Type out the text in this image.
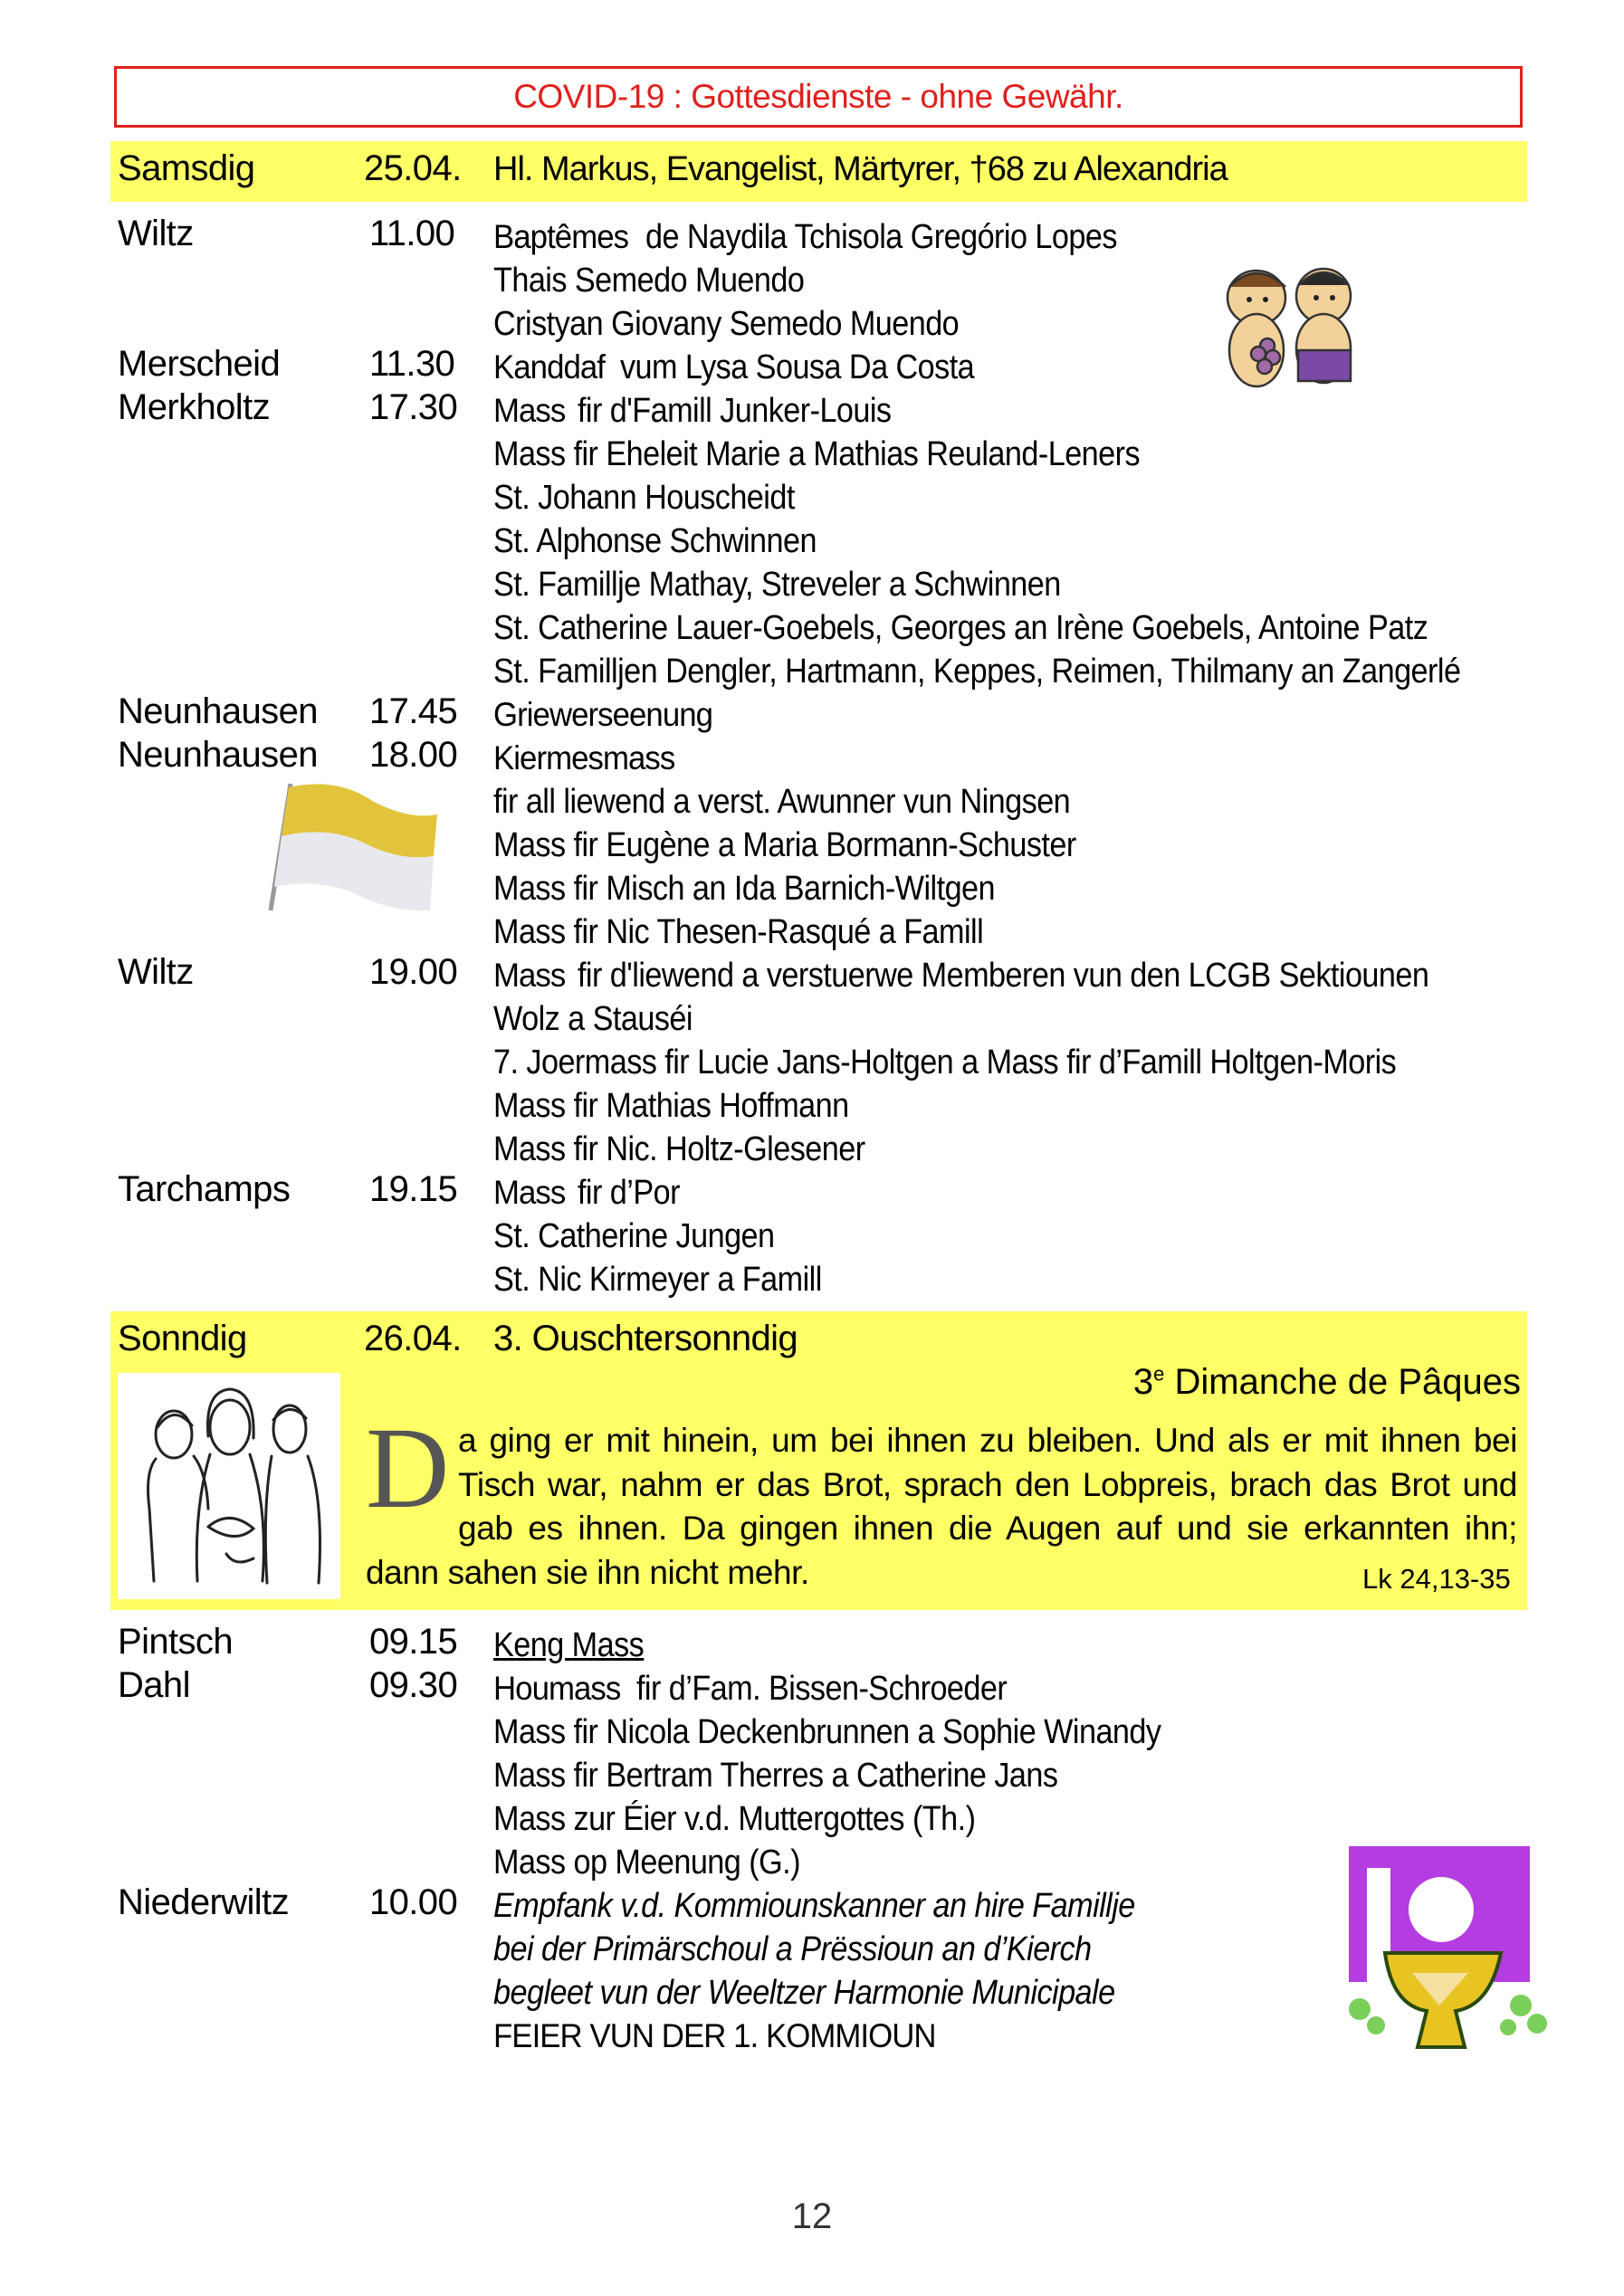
COVID-19 : Gottesdienste - ohne Gewähr.
Samsdig	25.04. Hl. Markus, Evangelist, Märtyrer, †68 zu Alexandria
Wiltz	11.00 Baptêmes de Naydila Tchisola Gregório Lopes
Thais Semedo Muendo
Cristyan Giovany Semedo Muendo
Merscheid 11.30 Kanddaf vum Lysa Sousa Da Costa
Merkholtz	17.30 Mass fir d'Famill Junker-Louis
Mass fir Eheleit Marie a Mathias Reuland-Leners
St. Johann Houscheidt
St. Alphonse Schwinnen
St. Famillje Mathay, Streveler a Schwinnen
St. Catherine Lauer-Goebels, Georges an Irène Goebels, Antoine Patz
St. Familljen Dengler, Hartmann, Keppes, Reimen, Thilmany an Zangerlé
Neunhausen 17.45 Griewerseenung
Neunhausen 18.00 Kiermesmass
fir all liewend a verst. Awunner vun Ningsen
Mass fir Eugène a Maria Bormann-Schuster
Mass fir Misch an Ida Barnich-Wiltgen
Mass fir Nic Thesen-Rasqué a Famill
Wiltz	19.00 Mass fir d'liewend a verstuerwe Memberen vun den LCGB Sektiounen
Wolz a Stauséi
7. Joermass fir Lucie Jans-Holtgen a Mass fir d’Famill Holtgen-Moris
Mass fir Mathias Hoffmann
Mass fir Nic. Holtz-Glesener
Tarchamps 19.15 Mass fir d’Por
St. Catherine Jungen
St. Nic Kirmeyer a Famill
Sonndig	26.04. 3. Ouschtersonndig
3e Dimanche de Pâques
Da ging er mit hinein, um bei ihnen zu bleiben. Und als er mit ihnen bei Tisch war, nahm er das Brot, sprach den Lobpreis, brach das Brot und gab es ihnen. Da gingen ihnen die Augen auf und sie erkannten ihn; dann sahen sie ihn nicht mehr.	Lk 24,13-35
Pintsch	09.15 Keng Mass
Dahl	09.30 Houmass fir d’Fam. Bissen-Schroeder
Mass fir Nicola Deckenbrunnen a Sophie Winandy
Mass fir Bertram Therres a Catherine Jans
Mass zur Éier v.d. Muttergottes (Th.)
Mass op Meenung (G.)
Niederwiltz 10.00 Empfank v.d. Kommiounskanner an hire Famillje
bei der Primärschoul a Prëssioun an d’Kierch
begleet vun der Weeltzer Harmonie Municipale
FEIER VUN DER 1. KOMMIOUN
12
